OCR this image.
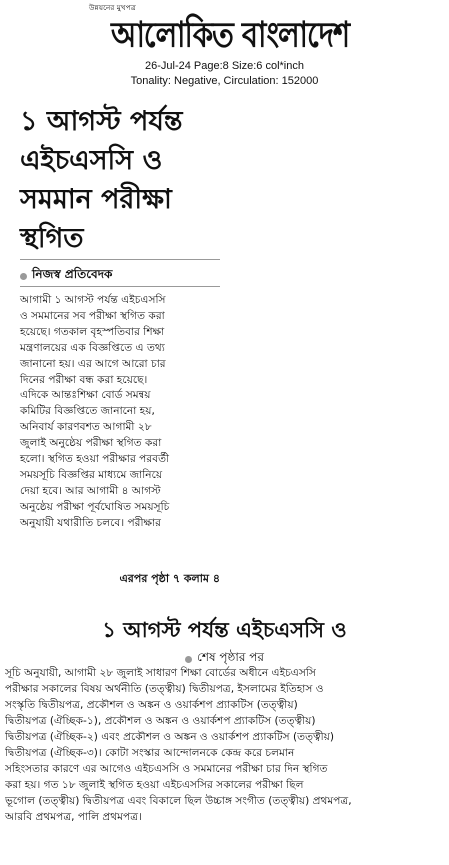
উন্নয়নের মুখপত্র
আলোকিত বাংলাদেশ
26-Jul-24 Page:8 Size:6 col*inch
Tonality: Negative, Circulation: 152000
১ আগস্ট পর্যন্ত
এইচএসসি ও
সমমান পরীক্ষা
স্থগিত
নিজস্ব প্রতিবেদক
আগামী ১ আগস্ট পর্যন্ত এইচএসসি
ও সমমানের সব পরীক্ষা স্থগিত করা
হয়েছে। গতকাল বৃহস্পতিবার শিক্ষা
মন্ত্রণালয়ের এক বিজ্ঞপ্তিতে এ তথ্য
জানানো হয়। এর আগে আরো চার
দিনের পরীক্ষা বন্ধ করা হয়েছে।
এদিকে আন্তঃশিক্ষা বোর্ড সমন্বয়
কমিটির বিজ্ঞপ্তিতে জানানো হয়,
অনিবার্য কারণবশত আগামী ২৮
জুলাই অনুষ্ঠেয় পরীক্ষা স্থগিত করা
হলো। স্থগিত হওয়া পরীক্ষার পরবর্তী
সময়সূচি বিজ্ঞপ্তির মাধ্যমে জানিয়ে
দেয়া হবে। আর আগামী ৪ আগস্ট
অনুষ্ঠেয় পরীক্ষা পূর্বঘোষিত সময়সূচি
অনুযায়ী যথারীতি চলবে। পরীক্ষার
এরপর পৃষ্ঠা ৭ কলাম ৪
১ আগস্ট পর্যন্ত এইচএসসি ও
শেষ পৃষ্ঠার পর
সূচি অনুযায়ী, আগামী ২৮ জুলাই সাধারণ শিক্ষা বোর্ডের অধীনে এইচএসসি
পরীক্ষার সকালের বিষয় অর্থনীতি (তত্ত্বীয়) দ্বিতীয়পত্র, ইসলামের ইতিহাস ও
সংস্কৃতি দ্বিতীয়পত্র, প্রকৌশল ও অঙ্কন ও ওয়ার্কশপ প্র্যাকটিস (তত্ত্বীয়)
দ্বিতীয়পত্র (ঐচ্ছিক-১), প্রকৌশল ও অঙ্কন ও ওয়ার্কশপ প্র্যাকটিস (তত্ত্বীয়)
দ্বিতীয়পত্র (ঐচ্ছিক-২) এবং প্রকৌশল ও অঙ্কন ও ওয়ার্কশপ প্র্যাকটিস (তত্ত্বীয়)
দ্বিতীয়পত্র (ঐচ্ছিক-৩)। কোটা সংস্কার আন্দোলনকে কেন্দ্র করে চলমান
সহিংসতার কারণে এর আগেও এইচএসসি ও সমমানের পরীক্ষা চার দিন স্থগিত
করা হয়। গত ১৮ জুলাই স্থগিত হওয়া এইচএসসির সকালের পরীক্ষা ছিল
ভূগোল (তত্ত্বীয়) দ্বিতীয়পত্র এবং বিকালে ছিল উচ্চাঙ্গ সংগীত (তত্ত্বীয়) প্রথমপত্র,
আরবি প্রথমপত্র, পালি প্রথমপত্র।
